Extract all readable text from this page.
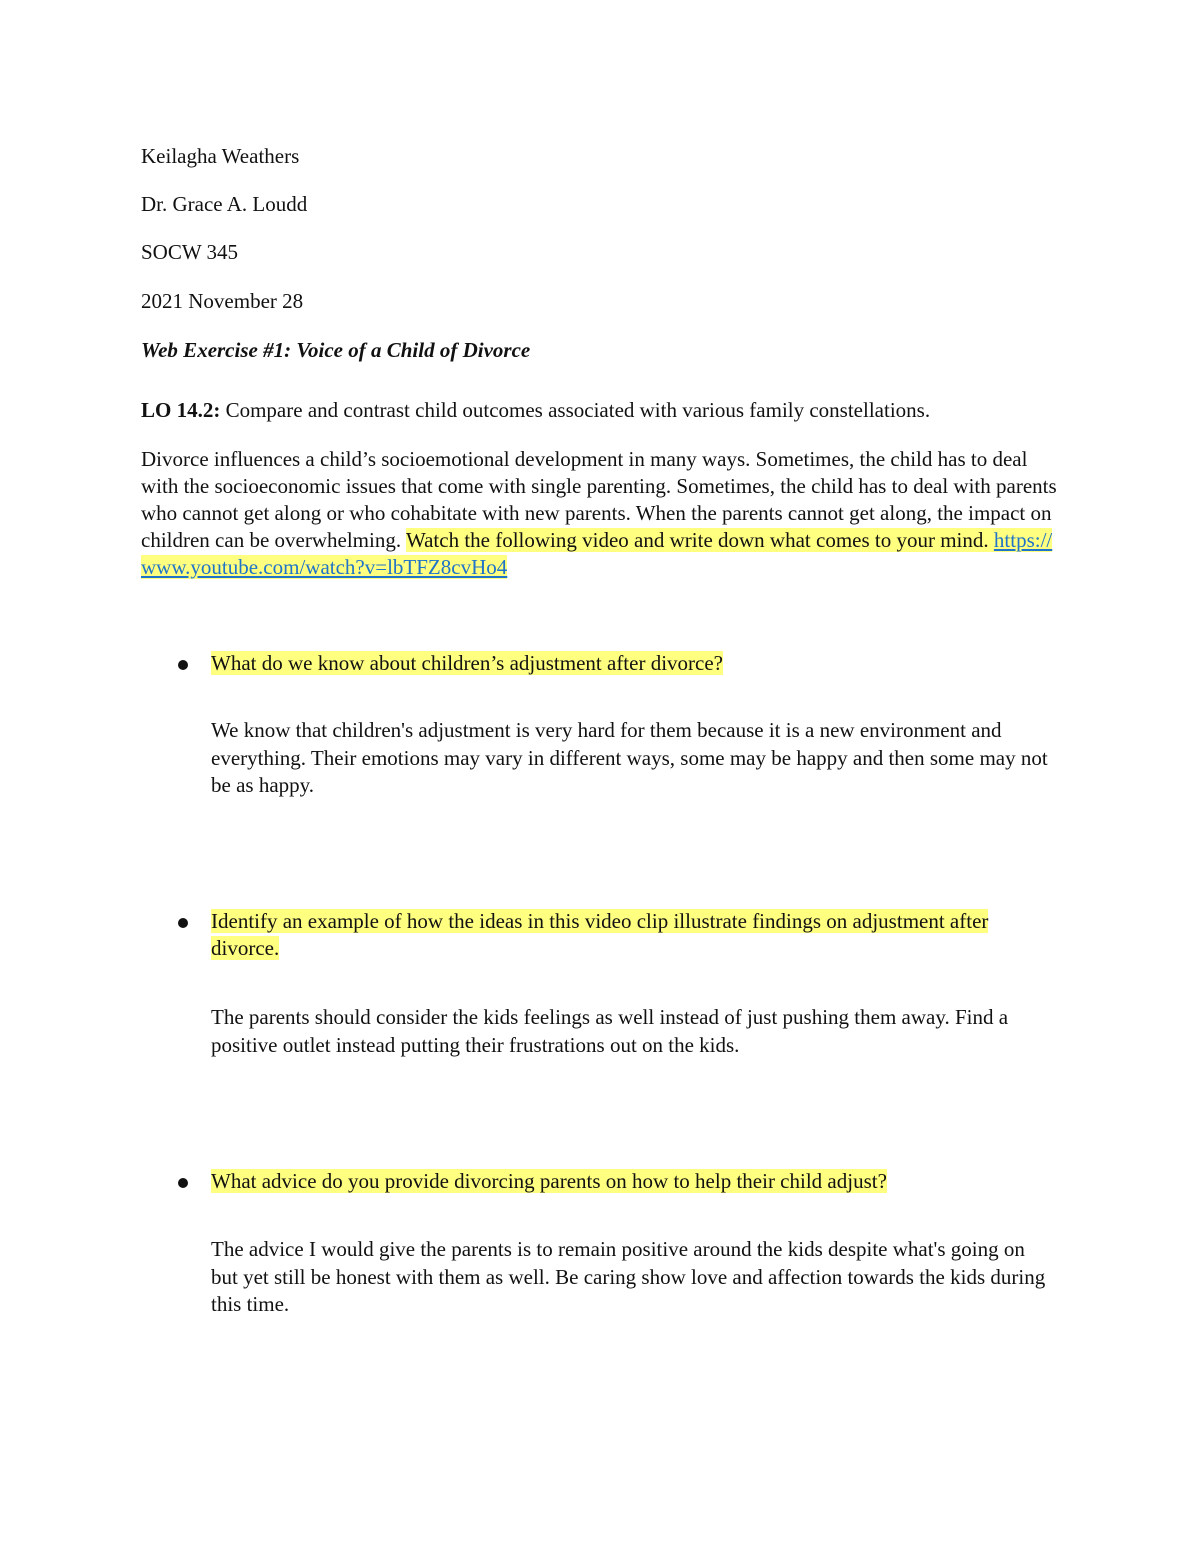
Keilagha Weathers
Dr. Grace A. Loudd
SOCW 345
2021 November 28
Web Exercise #1: Voice of a Child of Divorce
LO 14.2: Compare and contrast child outcomes associated with various family constellations.
Divorce influences a child’s socioemotional development in many ways. Sometimes, the child has to deal with the socioeconomic issues that come with single parenting. Sometimes, the child has to deal with parents who cannot get along or who cohabitate with new parents. When the parents cannot get along, the impact on children can be overwhelming. Watch the following video and write down what comes to your mind. https://www.youtube.com/watch?v=lbTFZ8cvHo4
What do we know about children’s adjustment after divorce?
We know that children's adjustment is very hard for them because it is a new environment and everything. Their emotions may vary in different ways, some may be happy and then some may not be as happy.
Identify an example of how the ideas in this video clip illustrate findings on adjustment after divorce.
The parents should consider the kids feelings as well instead of just pushing them away. Find a positive outlet instead putting their frustrations out on the kids.
What advice do you provide divorcing parents on how to help their child adjust?
The advice I would give the parents is to remain positive around the kids despite what's going on but yet still be honest with them as well. Be caring show love and affection towards the kids during this time.
